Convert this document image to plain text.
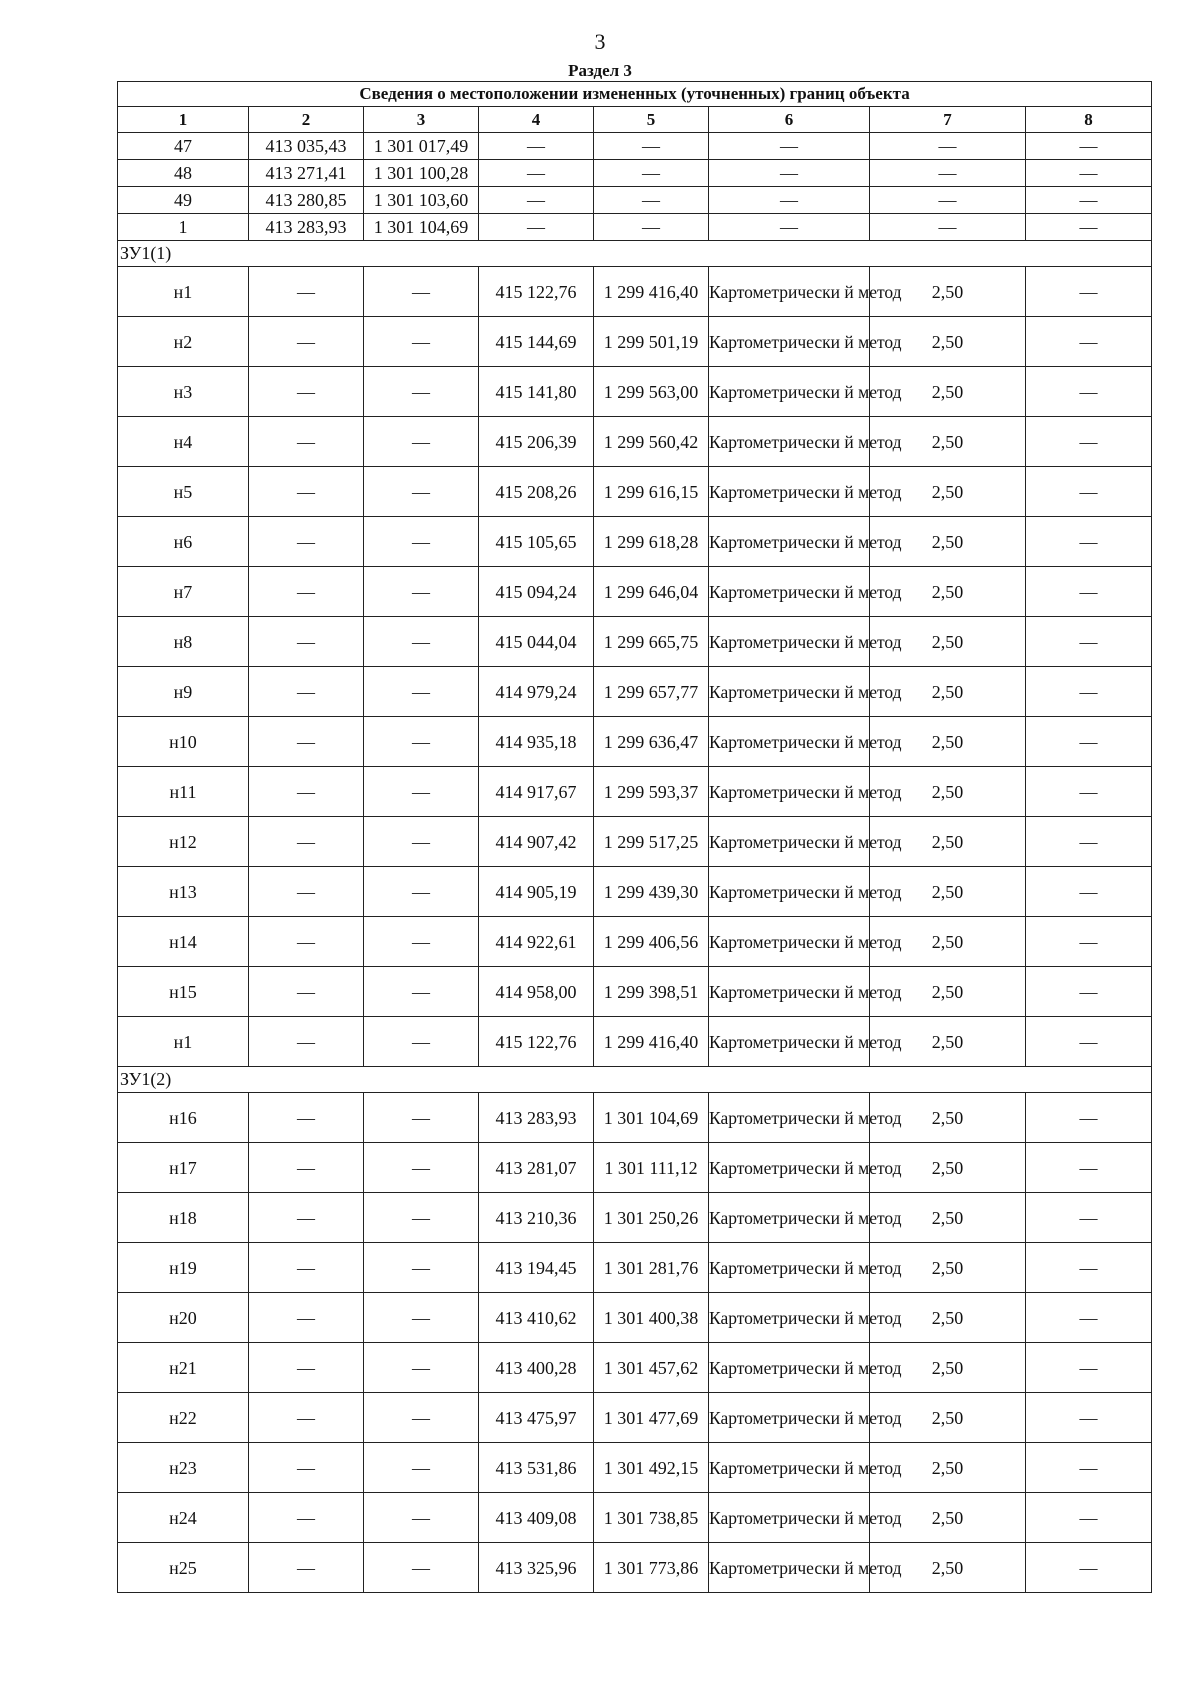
3
Раздел 3
Сведения о местоположении измененных (уточненных) границ объекта							
1	2	3	4	5	6	7	8
47	413 035,43	1 301 017,49	—	—	—	—	—
48	413 271,41	1 301 100,28	—	—	—	—	—
49	413 280,85	1 301 103,60	—	—	—	—	—
1	413 283,93	1 301 104,69	—	—	—	—	—
ЗУ1(1)							
н1	—	—	415 122,76	1 299 416,40	Картометрически й метод	2,50	—
н2	—	—	415 144,69	1 299 501,19	Картометрически й метод	2,50	—
н3	—	—	415 141,80	1 299 563,00	Картометрически й метод	2,50	—
н4	—	—	415 206,39	1 299 560,42	Картометрически й метод	2,50	—
н5	—	—	415 208,26	1 299 616,15	Картометрически й метод	2,50	—
н6	—	—	415 105,65	1 299 618,28	Картометрически й метод	2,50	—
н7	—	—	415 094,24	1 299 646,04	Картометрически й метод	2,50	—
н8	—	—	415 044,04	1 299 665,75	Картометрически й метод	2,50	—
н9	—	—	414 979,24	1 299 657,77	Картометрически й метод	2,50	—
н10	—	—	414 935,18	1 299 636,47	Картометрически й метод	2,50	—
н11	—	—	414 917,67	1 299 593,37	Картометрически й метод	2,50	—
н12	—	—	414 907,42	1 299 517,25	Картометрически й метод	2,50	—
н13	—	—	414 905,19	1 299 439,30	Картометрически й метод	2,50	—
н14	—	—	414 922,61	1 299 406,56	Картометрически й метод	2,50	—
н15	—	—	414 958,00	1 299 398,51	Картометрически й метод	2,50	—
н1	—	—	415 122,76	1 299 416,40	Картометрически й метод	2,50	—
ЗУ1(2)							
н16	—	—	413 283,93	1 301 104,69	Картометрически й метод	2,50	—
н17	—	—	413 281,07	1 301 111,12	Картометрически й метод	2,50	—
н18	—	—	413 210,36	1 301 250,26	Картометрически й метод	2,50	—
н19	—	—	413 194,45	1 301 281,76	Картометрически й метод	2,50	—
н20	—	—	413 410,62	1 301 400,38	Картометрически й метод	2,50	—
н21	—	—	413 400,28	1 301 457,62	Картометрически й метод	2,50	—
н22	—	—	413 475,97	1 301 477,69	Картометрически й метод	2,50	—
н23	—	—	413 531,86	1 301 492,15	Картометрически й метод	2,50	—
н24	—	—	413 409,08	1 301 738,85	Картометрически й метод	2,50	—
н25	—	—	413 325,96	1 301 773,86	Картометрически й метод	2,50	—
